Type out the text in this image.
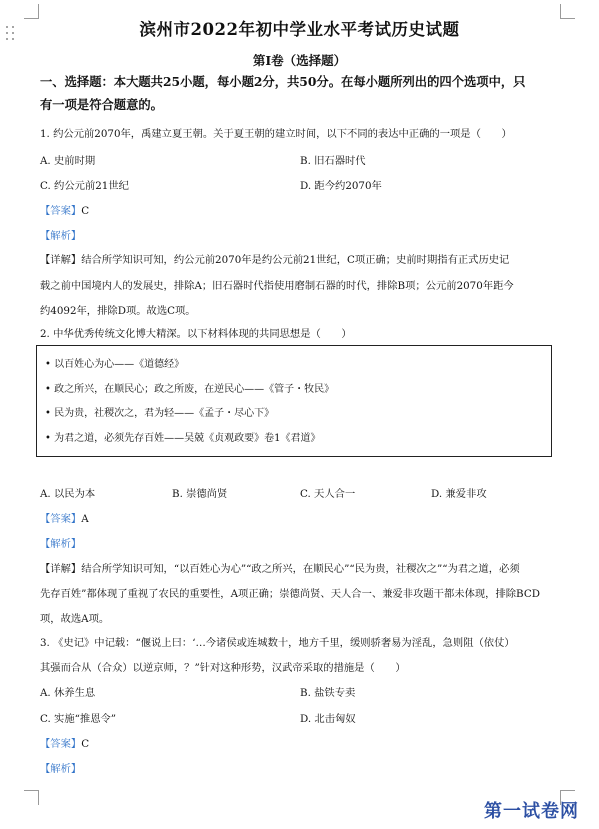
滨州市2022年初中学业水平考试历史试题
第Ⅰ卷（选择题）
一、选择题：本大题共25小题，每小题2分，共50分。在每小题所列出的四个选项中，只
有一项是符合题意的。
1. 约公元前2070年，禹建立夏王朝。关于夏王朝的建立时间，以下不同的表达中正确的一项是（　　）
A. 史前时期	B. 旧石器时代
C. 约公元前21世纪	D. 距今约2070年
【答案】C
【解析】
【详解】结合所学知识可知，约公元前2070年是约公元前21世纪，C项正确；史前时期指有正式历史记
载之前中国境内人的发展史，排除A；旧石器时代指使用磨制石器的时代，排除B项；公元前2070年距今
约4092年，排除D项。故选C项。
2. 中华优秀传统文化博大精深。以下材料体现的共同思想是（　　）
• 以百姓心为心——《道德经》
• 政之所兴，在顺民心；政之所废，在逆民心——《管子・牧民》
• 民为贵，社稷次之，君为轻——《孟子・尽心下》
• 为君之道，必须先存百姓——吴兢《贞观政要》卷1《君道》
A. 以民为本	B. 崇德尚贤	C. 天人合一	D. 兼爱非攻
【答案】A
【解析】
【详解】结合所学知识可知，“以百姓心为心”“政之所兴，在顺民心”“民为贵，社稷次之”“为君之道，必须
先存百姓”都体现了重视了农民的重要性，A项正确；崇德尚贤、天人合一、兼爱非攻题干都未体现，排除BCD
项，故选A项。
3. 《史记》中记载：“偃说上曰：‘…今诸侯或连城数十，地方千里，缓则骄奢易为淫乱，急则阻（依仗）
其强而合从（合众）以逆京师，？”针对这种形势，汉武帝采取的措施是（　　）
A. 休养生息	B. 盐铁专卖
C. 实施“推恩令”	D. 北击匈奴
【答案】C
【解析】
第一试卷网
